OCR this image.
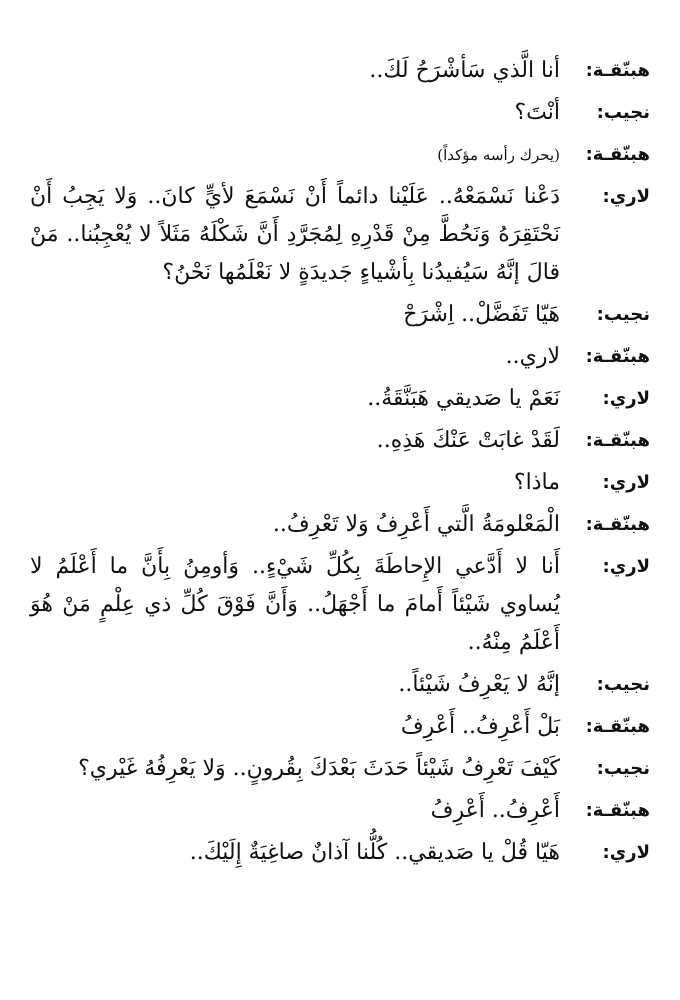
هبنّقـة:
أنا الَّذي سَأشْرَحُ لَكَ..
نجيب:
أنْتَ؟
هبنّقـة:
(يحرك رأسه مؤكداً)
لاري:
دَعْنا نَسْمَعْهُ.. عَلَيْنا دائماً أَنْ نَسْمَعَ لأيٍّ كانَ.. وَلا يَجِبُ أَنْ نَحْتَقِرَهُ وَنَحُطَّ مِنْ قَدْرِهِ لِمُجَرَّدِ أَنَّ شَكْلَهُ مَثَلاً لا يُعْجِبُنا.. مَنْ قالَ إنَّهُ سَيُفيدُنا بِأشْياءٍ جَديدَةٍ لا نَعْلَمُها نَحْنُ؟
نجيب:
هَيّا تَفَضَّلْ.. اِشْرَحْ
هبنّقـة:
لاري..
لاري:
نَعَمْ يا صَديقي هَبَنَّقَةُ..
هبنّقـة:
لَقَدْ غابَتْ عَنْكَ هَذِهِ..
لاري:
ماذا؟
هبنّقـة:
الْمَعْلومَةُ الَّتي أَعْرِفُ وَلا تَعْرِفُ..
لاري:
أَنا لا أَدَّعي الإِحاطَةَ بِكُلِّ شَيْءٍ.. وَأومِنُ بِأَنَّ ما أَعْلَمُ لا يُساوي شَيْئاً أَمامَ ما أَجْهَلُ.. وَأَنَّ فَوْقَ كُلِّ ذي عِلْمٍ مَنْ هُوَ أَعْلَمُ مِنْهُ..
نجيب:
إنَّهُ لا يَعْرِفُ شَيْئاً..
هبنّقـة:
بَلْ أَعْرِفُ.. أَعْرِفُ
نجيب:
كَيْفَ تَعْرِفُ شَيْئاً حَدَثَ بَعْدَكَ بِقُرونٍ.. وَلا يَعْرِفُهُ غَيْري؟
هبنّقـة:
أَعْرِفُ.. أَعْرِفُ
لاري:
هَيّا قُلْ يا صَديقي.. كُلُّنا آذانٌ صاغِيَةٌ إِلَيْكَ..
